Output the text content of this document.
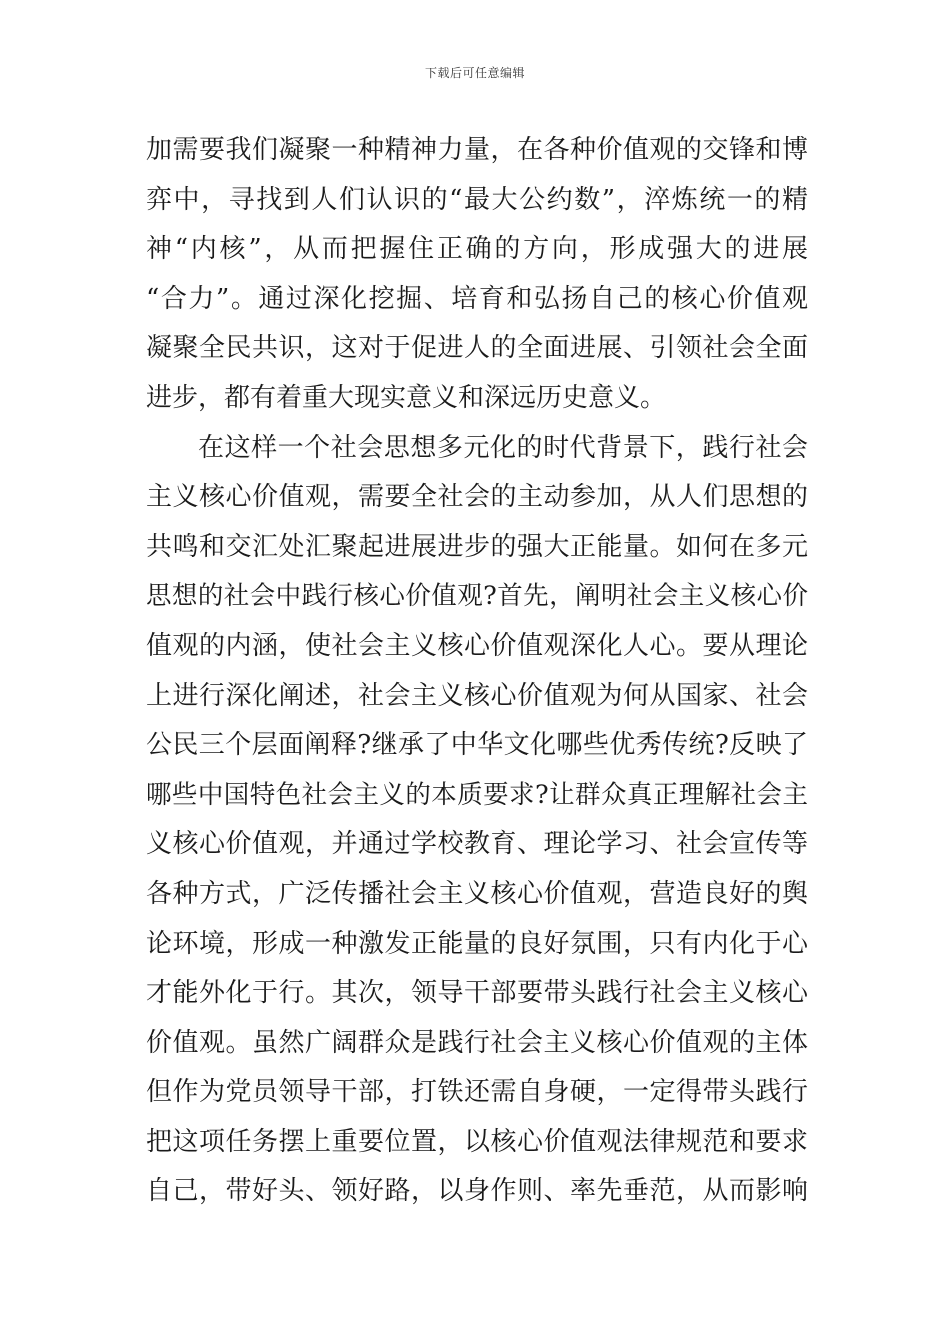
下载后可任意编辑
加需要我们凝聚一种精神力量，在各种价值观的交锋和博
弈中，寻找到人们认识的“最大公约数”，淬炼统一的精
神“内核”，从而把握住正确的方向，形成强大的进展
“合力”。通过深化挖掘、培育和弘扬自己的核心价值观
凝聚全民共识，这对于促进人的全面进展、引领社会全面
进步，都有着重大现实意义和深远历史意义。
在这样一个社会思想多元化的时代背景下，践行社会
主义核心价值观，需要全社会的主动参加，从人们思想的
共鸣和交汇处汇聚起进展进步的强大正能量。如何在多元
思想的社会中践行核心价值观?首先，阐明社会主义核心价
值观的内涵，使社会主义核心价值观深化人心。要从理论
上进行深化阐述，社会主义核心价值观为何从国家、社会
公民三个层面阐释?继承了中华文化哪些优秀传统?反映了
哪些中国特色社会主义的本质要求?让群众真正理解社会主
义核心价值观，并通过学校教育、理论学习、社会宣传等
各种方式，广泛传播社会主义核心价值观，营造良好的舆
论环境，形成一种激发正能量的良好氛围，只有内化于心
才能外化于行。其次，领导干部要带头践行社会主义核心
价值观。虽然广阔群众是践行社会主义核心价值观的主体
但作为党员领导干部，打铁还需自身硬，一定得带头践行
把这项任务摆上重要位置，以核心价值观法律规范和要求
自己，带好头、领好路，以身作则、率先垂范，从而影响
